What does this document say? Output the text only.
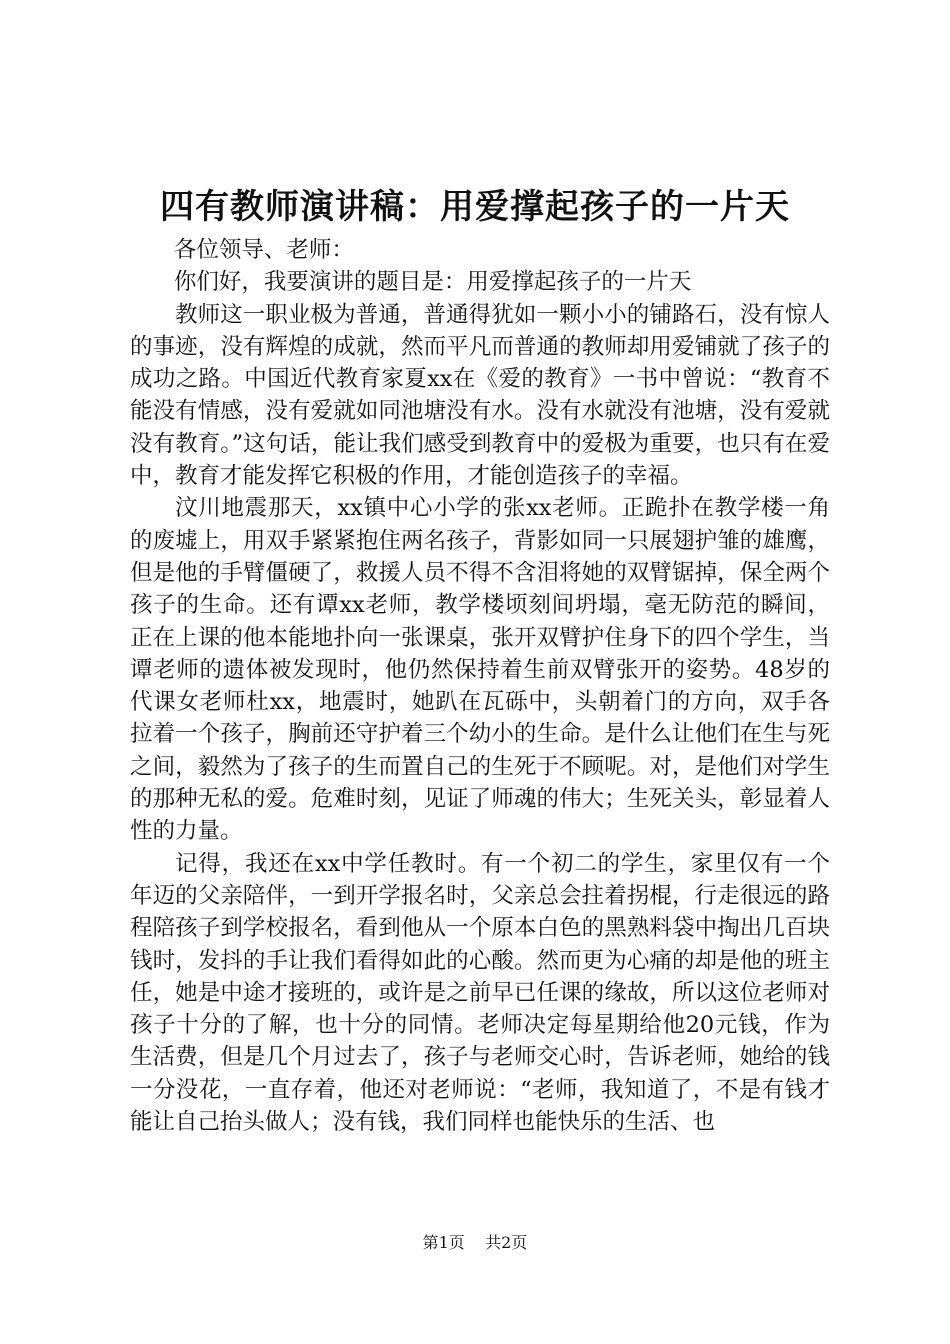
四有教师演讲稿：用爱撑起孩子的一片天

各位领导、老师：

你们好，我要演讲的题目是：用爱撑起孩子的一片天

教师这一职业极为普通，普通得犹如一颗小小的铺路石，没有惊人的事迹，没有辉煌的成就，然而平凡而普通的教师却用爱铺就了孩子的成功之路。中国近代教育家夏xx在《爱的教育》一书中曾说：“教育不能没有情感，没有爱就如同池塘没有水。没有水就没有池塘，没有爱就没有教育。”这句话，能让我们感受到教育中的爱极为重要，也只有在爱中，教育才能发挥它积极的作用，才能创造孩子的幸福。

汶川地震那天，xx镇中心小学的张xx老师。正跪扑在教学楼一角的废墟上，用双手紧紧抱住两名孩子，背影如同一只展翅护雏的雄鹰，但是他的手臂僵硬了，救援人员不得不含泪将她的双臂锯掉，保全两个孩子的生命。还有谭xx老师，教学楼顷刻间坍塌，毫无防范的瞬间，正在上课的他本能地扑向一张课桌，张开双臂护住身下的四个学生，当谭老师的遗体被发现时，他仍然保持着生前双臂张开的姿势。48岁的代课女老师杜xx，地震时，她趴在瓦砾中，头朝着门的方向，双手各拉着一个孩子，胸前还守护着三个幼小的生命。是什么让他们在生与死之间，毅然为了孩子的生而置自己的生死于不顾呢。对，是他们对学生的那种无私的爱。危难时刻，见证了师魂的伟大；生死关头，彰显着人性的力量。

记得，我还在xx中学任教时。有一个初二的学生，家里仅有一个年迈的父亲陪伴，一到开学报名时，父亲总会拄着拐棍，行走很远的路程陪孩子到学校报名，看到他从一个原本白色的黑熟料袋中掏出几百块钱时，发抖的手让我们看得如此的心酸。然而更为心痛的却是他的班主任，她是中途才接班的，或许是之前早已任课的缘故，所以这位老师对孩子十分的了解，也十分的同情。老师决定每星期给他20元钱，作为生活费，但是几个月过去了，孩子与老师交心时，告诉老师，她给的钱一分没花，一直存着，他还对老师说：“老师，我知道了，不是有钱才能让自己抬头做人；没有钱，我们同样也能快乐的生活、也

第1页 共2页
